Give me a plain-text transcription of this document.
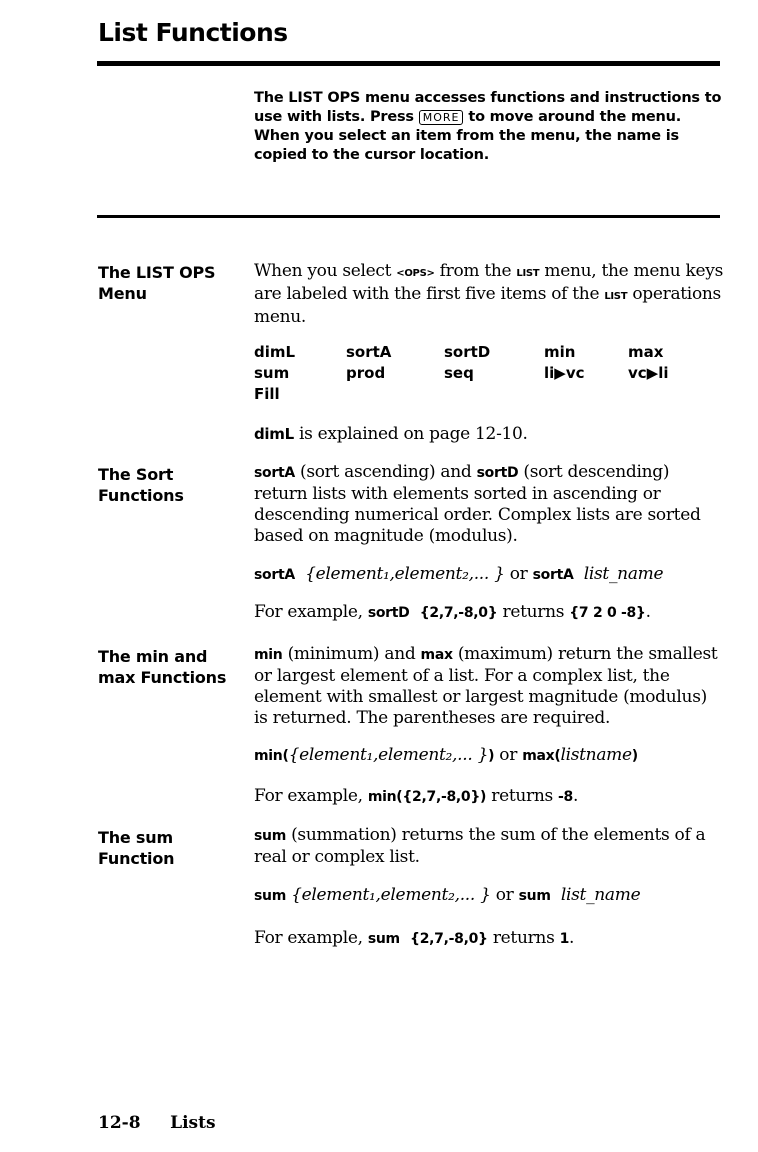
List Functions
The LIST OPS menu accesses functions and instructions to use with lists. Press MORE to move around the menu. When you select an item from the menu, the name is copied to the cursor location.
The LIST OPS
Menu
When you select <OPS> from the LIST menu, the menu keys are labeled with the first five items of the LIST operations menu.
dimL	sortA	sortD	min	max
sum	prod	seq	li▶vc	vc▶li
Fill
dimL is explained on page 12-10.
The Sort
Functions
sortA (sort ascending) and sortD (sort descending) return lists with elements sorted in ascending or descending numerical order. Complex lists are sorted based on magnitude (modulus).
sortA {element₁,element₂,... } or sortA list_name
For example, sortD {2,7,-8,0} returns {7 2 0 -8}.
The min and
max Functions
min (minimum) and max (maximum) return the smallest or largest element of a list. For a complex list, the element with smallest or largest magnitude (modulus) is returned. The parentheses are required.
min({element₁,element₂,... }) or max(listname)
For example, min({2,7,-8,0}) returns -8.
The sum
Function
sum (summation) returns the sum of the elements of a real or complex list.
sum {element₁,element₂,... } or sum list_name
For example, sum {2,7,-8,0} returns 1.
12-8 Lists
